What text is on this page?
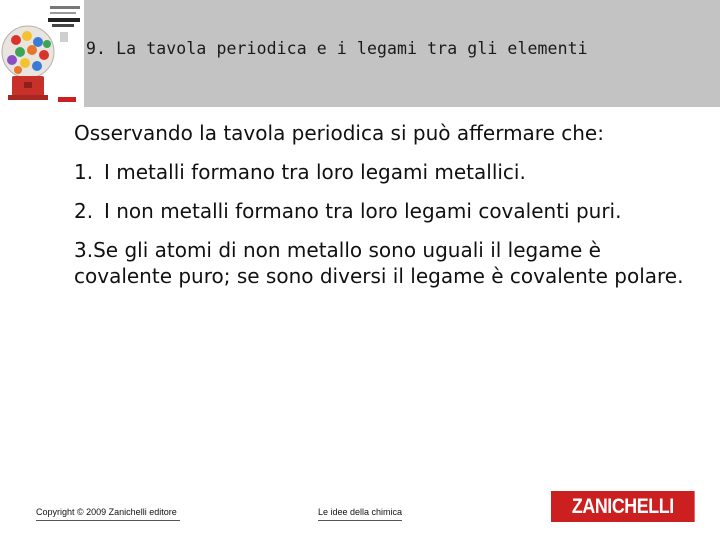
9. La tavola periodica e i legami tra gli elementi

Osservando la tavola periodica si può affermare che:

1. I metalli formano tra loro legami metallici.
2. I non metalli formano tra loro legami covalenti puri.

3.Se gli atomi di non metallo sono uguali il legame è covalente puro; se sono diversi il legame è covalente polare.

Copyright © 2009 Zanichelli editore	Le idee della chimica	ZANICHELLI
